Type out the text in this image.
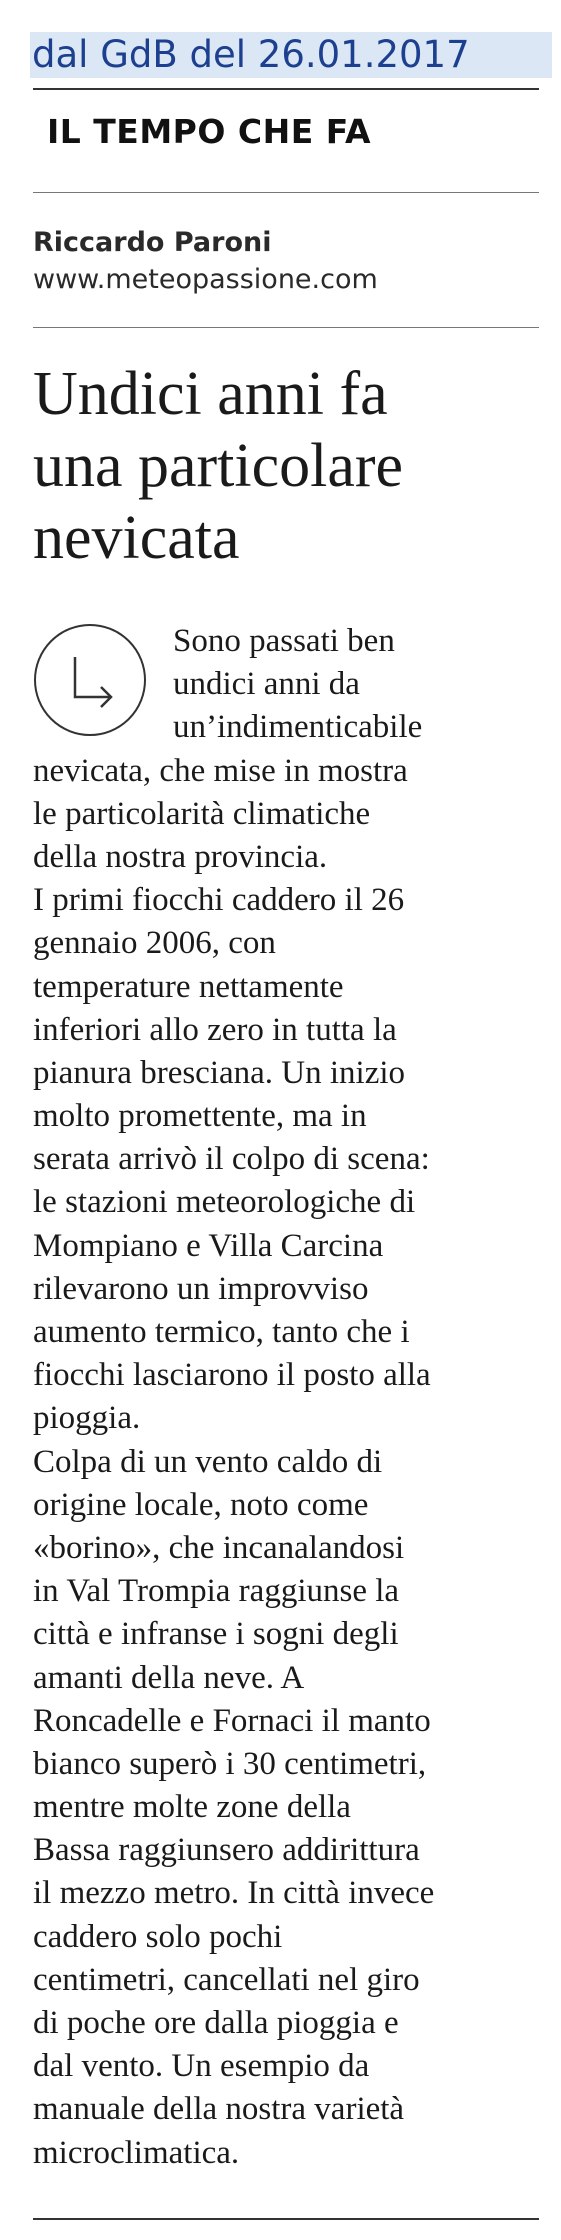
dal GdB del 26.01.2017
IL TEMPO CHE FA
Riccardo Paroni
www.meteopassione.com
Undici anni fa
una particolare
nevicata
Sono passati ben
undici anni da
un’indimenticabile
nevicata, che mise in mostra
le particolarità climatiche
della nostra provincia.
I primi fiocchi caddero il 26
gennaio 2006, con
temperature nettamente
inferiori allo zero in tutta la
pianura bresciana. Un inizio
molto promettente, ma in
serata arrivò il colpo di scena:
le stazioni meteorologiche di
Mompiano e Villa Carcina
rilevarono un improvviso
aumento termico, tanto che i
fiocchi lasciarono il posto alla
pioggia.
Colpa di un vento caldo di
origine locale, noto come
«borino», che incanalandosi
in Val Trompia raggiunse la
città e infranse i sogni degli
amanti della neve. A
Roncadelle e Fornaci il manto
bianco superò i 30 centimetri,
mentre molte zone della
Bassa raggiunsero addirittura
il mezzo metro. In città invece
caddero solo pochi
centimetri, cancellati nel giro
di poche ore dalla pioggia e
dal vento. Un esempio da
manuale della nostra varietà
microclimatica.
